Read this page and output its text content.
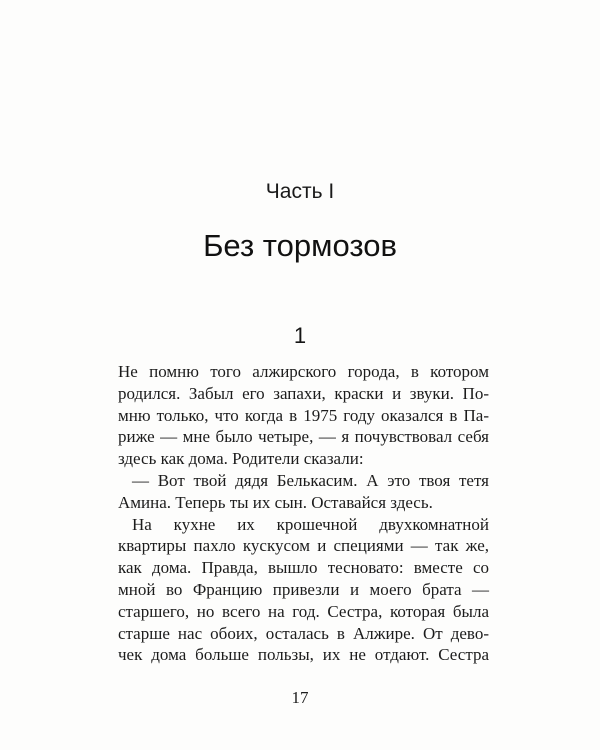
Часть I
Без тормозов
1
Не помню того алжирского города, в котором
родился. Забыл его запахи, краски и звуки. По-
мню только, что когда в 1975 году оказался в Па-
риже — мне было четыре, — я почувствовал себя
здесь как дома. Родители сказали:
— Вот твой дядя Белькасим. А это твоя тетя
Амина. Теперь ты их сын. Оставайся здесь.
На кухне их крошечной двухкомнатной
квартиры пахло кускусом и специями — так же,
как дома. Правда, вышло тесновато: вместе со
мной во Францию привезли и моего брата —
старшего, но всего на год. Сестра, которая была
старше нас обоих, осталась в Алжире. От дево-
чек дома больше пользы, их не отдают. Сестра
17
